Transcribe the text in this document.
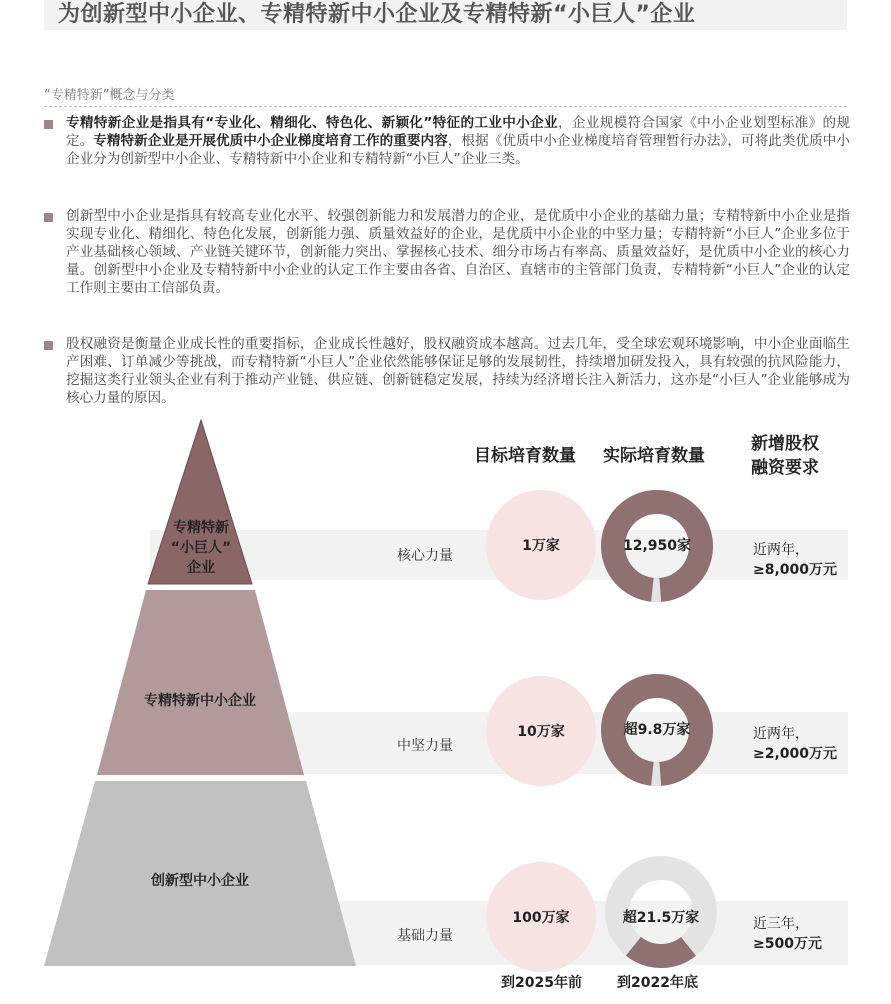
为创新型中小企业、专精特新中小企业及专精特新“小巨人”企业
“专精特新”概念与分类
专精特新企业是指具有“专业化、精细化、特色化、新颖化”特征的工业中小企业，企业规模符合国家《中小企业划型标准》的规定。专精特新企业是开展优质中小企业梯度培育工作的重要内容，根据《优质中小企业梯度培育管理暂行办法》，可将此类优质中小企业分为创新型中小企业、专精特新中小企业和专精特新“小巨人”企业三类。
创新型中小企业是指具有较高专业化水平、较强创新能力和发展潜力的企业，是优质中小企业的基础力量；专精特新中小企业是指实现专业化、精细化、特色化发展，创新能力强、质量效益好的企业，是优质中小企业的中坚力量；专精特新“小巨人”企业多位于产业基础核心领域、产业链关键环节，创新能力突出、掌握核心技术、细分市场占有率高、质量效益好，是优质中小企业的核心力量。创新型中小企业及专精特新中小企业的认定工作主要由各省、自治区、直辖市的主管部门负责，专精特新“小巨人”企业的认定工作则主要由工信部负责。
股权融资是衡量企业成长性的重要指标，企业成长性越好，股权融资成本越高。过去几年，受全球宏观环境影响，中小企业面临生产困难、订单减少等挑战，而专精特新“小巨人”企业依然能够保证足够的发展韧性，持续增加研发投入，具有较强的抗风险能力，挖掘这类行业领头企业有利于推动产业链、供应链、创新链稳定发展，持续为经济增长注入新活力，这亦是“小巨人”企业能够成为核心力量的原因。
目标培育数量 实际培育数量
新增股权
融资要求
专精特新
“小巨人”
企业
专精特新中小企业
创新型中小企业
核心力量
中坚力量
基础力量
1万家
10万家
100万家
12,950家
超9.8万家
超21.5万家
近两年，
≥8,000万元
近两年，
≥2,000万元
近三年，
≥500万元
到2025年前	到2022年底
